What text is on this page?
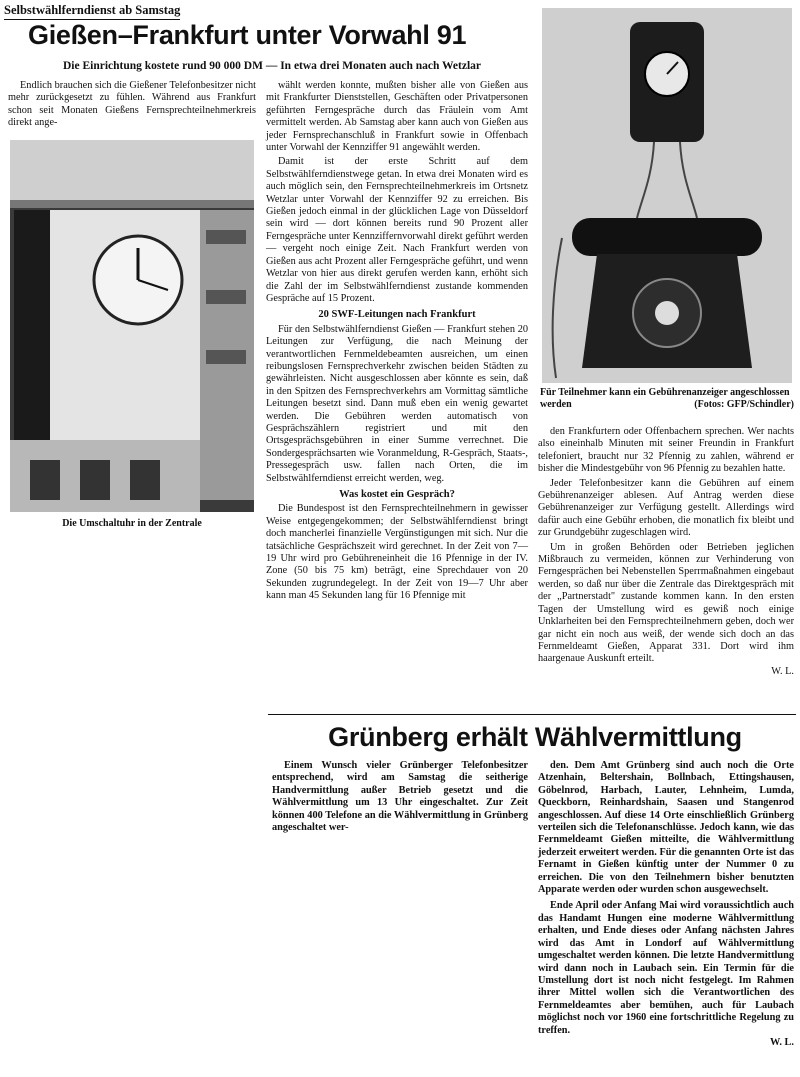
Selbstwählferndienst ab Samstag
Gießen–Frankfurt unter Vorwahl 91
Die Einrichtung kostete rund 90 000 DM — In etwa drei Monaten auch nach Wetzlar

Endlich brauchen sich die Gießener Telefonbesitzer nicht mehr zurückgesetzt zu fühlen. Während aus Frankfurt schon seit Monaten Gießens Fernsprechteilnehmerkreis direkt ange-

Die Umschaltuhr in der Zentrale

wählt werden konnte, mußten bisher alle von Gießen aus mit Frankfurter Dienststellen, Geschäften oder Privatpersonen geführten Ferngespräche durch das Fräulein vom Amt vermittelt werden. Ab Samstag aber kann auch von Gießen aus jeder Fernsprechanschluß in Frankfurt sowie in Offenbach unter Vorwahl der Kennziffer 91 angewählt werden.

Damit ist der erste Schritt auf dem Selbstwählferndienstwege getan. In etwa drei Monaten wird es auch möglich sein, den Fernsprechteilnehmerkreis im Ortsnetz Wetzlar unter Vorwahl der Kennziffer 92 zu erreichen. Bis Gießen jedoch einmal in der glücklichen Lage von Düsseldorf sein wird — dort können bereits rund 90 Prozent aller Ferngespräche unter Kennziffernvorwahl direkt geführt werden — vergeht noch einige Zeit. Nach Frankfurt werden von Gießen aus acht Prozent aller Ferngespräche geführt, und wenn Wetzlar von hier aus direkt gerufen werden kann, erhöht sich die Zahl der im Selbstwählferndienst zustande kommenden Gespräche auf 15 Prozent.

20 SWF-Leitungen nach Frankfurt

Für den Selbstwählferndienst Gießen — Frankfurt stehen 20 Leitungen zur Verfügung, die nach Meinung der verantwortlichen Fernmeldebeamten ausreichen, um einen reibungslosen Fernsprechverkehr zwischen beiden Städten zu gewährleisten. Nicht ausgeschlossen aber könnte es sein, daß in den Spitzen des Fernsprechverkehrs am Vormittag sämtliche Leitungen besetzt sind. Dann muß eben ein wenig gewartet werden. Die Gebühren werden automatisch von Gesprächszählern registriert und mit den Ortsgesprächsgebühren in einer Summe verrechnet. Die Sondergesprächsarten wie Voranmeldung, R-Gespräch, Staats-, Pressegespräch usw. fallen nach Orten, die im Selbstwählferndienst erreicht werden, weg.

Was kostet ein Gespräch?

Die Bundespost ist den Fernsprechteilnehmern in gewisser Weise entgegengekommen; der Selbstwählferndienst bringt doch mancherlei finanzielle Vergünstigungen mit sich. Nur die tatsächliche Gesprächszeit wird gerechnet. In der Zeit von 7—19 Uhr wird pro Gebühreneinheit die 16 Pfennige in der IV. Zone (50 bis 75 km) beträgt, eine Sprechdauer von 20 Sekunden zugrundegelegt. In der Zeit von 19—7 Uhr aber kann man 45 Sekunden lang für 16 Pfennige mit

Für Teilnehmer kann ein Gebührenanzeiger angeschlossen werden	(Fotos: GFP/Schindler)

den Frankfurtern oder Offenbachern sprechen. Wer nachts also eineinhalb Minuten mit seiner Freundin in Frankfurt telefoniert, braucht nur 32 Pfennig zu zahlen, während er bisher die Mindestgebühr von 96 Pfennig zu bezahlen hatte.

Jeder Telefonbesitzer kann die Gebühren auf einem Gebührenanzeiger ablesen. Auf Antrag werden diese Gebührenanzeiger zur Verfügung gestellt. Allerdings wird dafür auch eine Gebühr erhoben, die monatlich fix bleibt und zur Grundgebühr zugeschlagen wird.

Um in großen Behörden oder Betrieben jeglichen Mißbrauch zu vermeiden, können zur Verhinderung von Ferngesprächen bei Nebenstellen Sperrmaßnahmen eingebaut werden, so daß nur über die Zentrale das Direktgespräch mit der „Partnerstadt" zustande kommen kann. In den ersten Tagen der Umstellung wird es gewiß noch einige Unklarheiten bei den Fernsprechteilnehmern geben, doch wer gar nicht ein noch aus weiß, der wende sich doch an das Fernmeldeamt Gießen, Apparat 331. Dort wird ihm haargenaue Auskunft erteilt.

W. L.
Grünberg erhält Wählvermittlung

Einem Wunsch vieler Grünberger Telefonbesitzer entsprechend, wird am Samstag die seitherige Handvermittlung außer Betrieb gesetzt und die Wählvermittlung um 13 Uhr eingeschaltet. Zur Zeit können 400 Telefone an die Wählvermittlung in Grünberg angeschaltet wer-

den. Dem Amt Grünberg sind auch noch die Orte Atzenhain, Beltershain, Bollnbach, Ettingshausen, Göbelnrod, Harbach, Lauter, Lehnheim, Lumda, Queckborn, Reinhardshain, Saasen und Stangenrod angeschlossen. Auf diese 14 Orte einschließlich Grünberg verteilen sich die Telefonanschlüsse. Jedoch kann, wie das Fernmeldeamt Gießen mitteilte, die Wählvermittlung jederzeit erweitert werden. Für die genannten Orte ist das Fernamt in Gießen künftig unter der Nummer 0 zu erreichen. Die von den Teilnehmern bisher benutzten Apparate werden oder wurden schon ausgewechselt.

Ende April oder Anfang Mai wird voraussichtlich auch das Handamt Hungen eine moderne Wählvermittlung erhalten, und Ende dieses oder Anfang nächsten Jahres wird das Amt in Londorf auf Wählvermittlung umgeschaltet werden können. Die letzte Handvermittlung wird dann noch in Laubach sein. Ein Termin für die Umstellung dort ist noch nicht festgelegt. Im Rahmen ihrer Mittel wollen sich die Verantwortlichen des Fernmeldeamtes aber bemühen, auch für Laubach möglichst noch vor 1960 eine fortschrittliche Regelung zu treffen.

W. L.
